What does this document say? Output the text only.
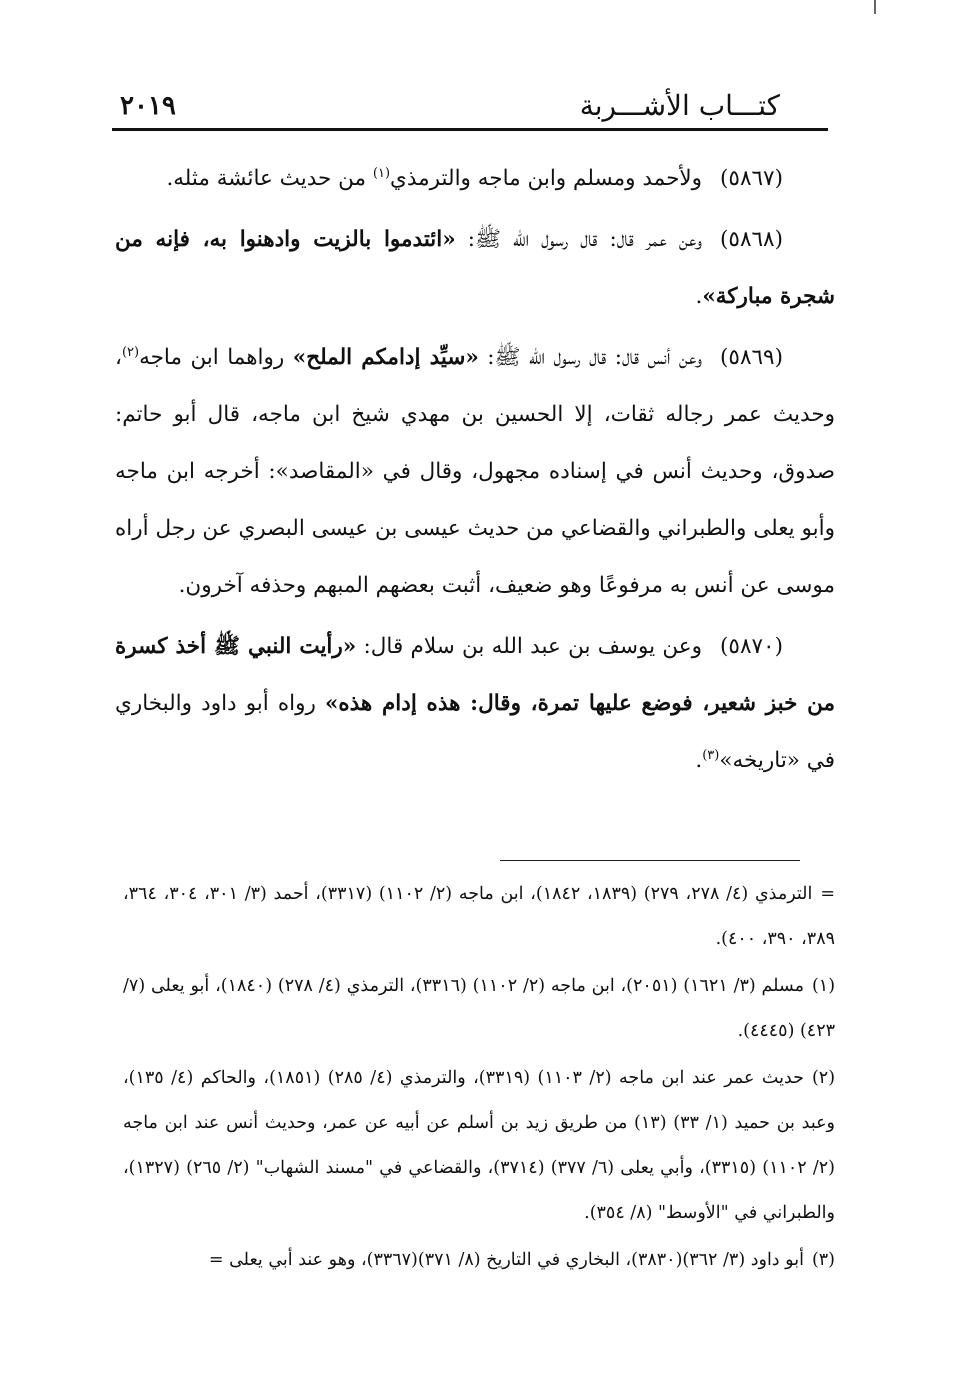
كتـــاب الأشـــربة
٢٠١٩

(٥٨٦٧)ولأحمد ومسلم وابن ماجه والترمذي$^{(١)}$ من حديث عائشة مثله.

(٥٨٦٨)وعن عمر قال: قال رسول الله ﷺ: «ائتدموا بالزيت وادهنوا به، فإنه من شجرة مباركة».

(٥٨٦٩)وعن أنس قال: قال رسول الله ﷺ: «سيِّد إدامكم الملح» رواهما ابن ماجه$^{(٢)}$، وحديث عمر رجاله ثقات، إلا الحسين بن مهدي شيخ ابن ماجه، قال أبو حاتم: صدوق، وحديث أنس في إسناده مجهول، وقال في «المقاصد»: أخرجه ابن ماجه وأبو يعلى والطبراني والقضاعي من حديث عيسى بن عيسى البصري عن رجل أراه موسى عن أنس به مرفوعًا وهو ضعيف، أثبت بعضهم المبهم وحذفه آخرون.

(٥٨٧٠)وعن يوسف بن عبد الله بن سلام قال: «رأيت النبي ﷺ أخذ كسرة من خبز شعير، فوضع عليها تمرة، وقال: هذه إدام هذه» رواه أبو داود والبخاري في «تاريخه»$^{(٣)}$.

=الترمذي (٤/ ٢٧٨، ٢٧٩) (١٨٣٩، ١٨٤٢)، ابن ماجه (٢/ ١١٠٢) (٣٣١٧)، أحمد (٣/ ٣٠١، ٣٠٤، ٣٦٤، ٣٨٩، ٣٩٠، ٤٠٠).

(١)مسلم (٣/ ١٦٢١) (٢٠٥١)، ابن ماجه (٢/ ١١٠٢) (٣٣١٦)، الترمذي (٤/ ٢٧٨) (١٨٤٠)، أبو يعلى (٧/ ٤٢٣) (٤٤٤٥).

(٢)حديث عمر عند ابن ماجه (٢/ ١١٠٣) (٣٣١٩)، والترمذي (٤/ ٢٨٥) (١٨٥١)، والحاكم (٤/ ١٣٥)، وعبد بن حميد (١/ ٣٣) (١٣) من طريق زيد بن أسلم عن أبيه عن عمر، وحديث أنس عند ابن ماجه (٢/ ١١٠٢) (٣٣١٥)، وأبي يعلى (٦/ ٣٧٧) (٣٧١٤)، والقضاعي في "مسند الشهاب" (٢/ ٢٦٥) (١٣٢٧)، والطبراني في "الأوسط" (٨/ ٣٥٤).

(٣)أبو داود (٣/ ٣٦٢)(٣٨٣٠)، البخاري في التاريخ (٨/ ٣٧١)(٣٣٦٧)، وهو عند أبي يعلى =
